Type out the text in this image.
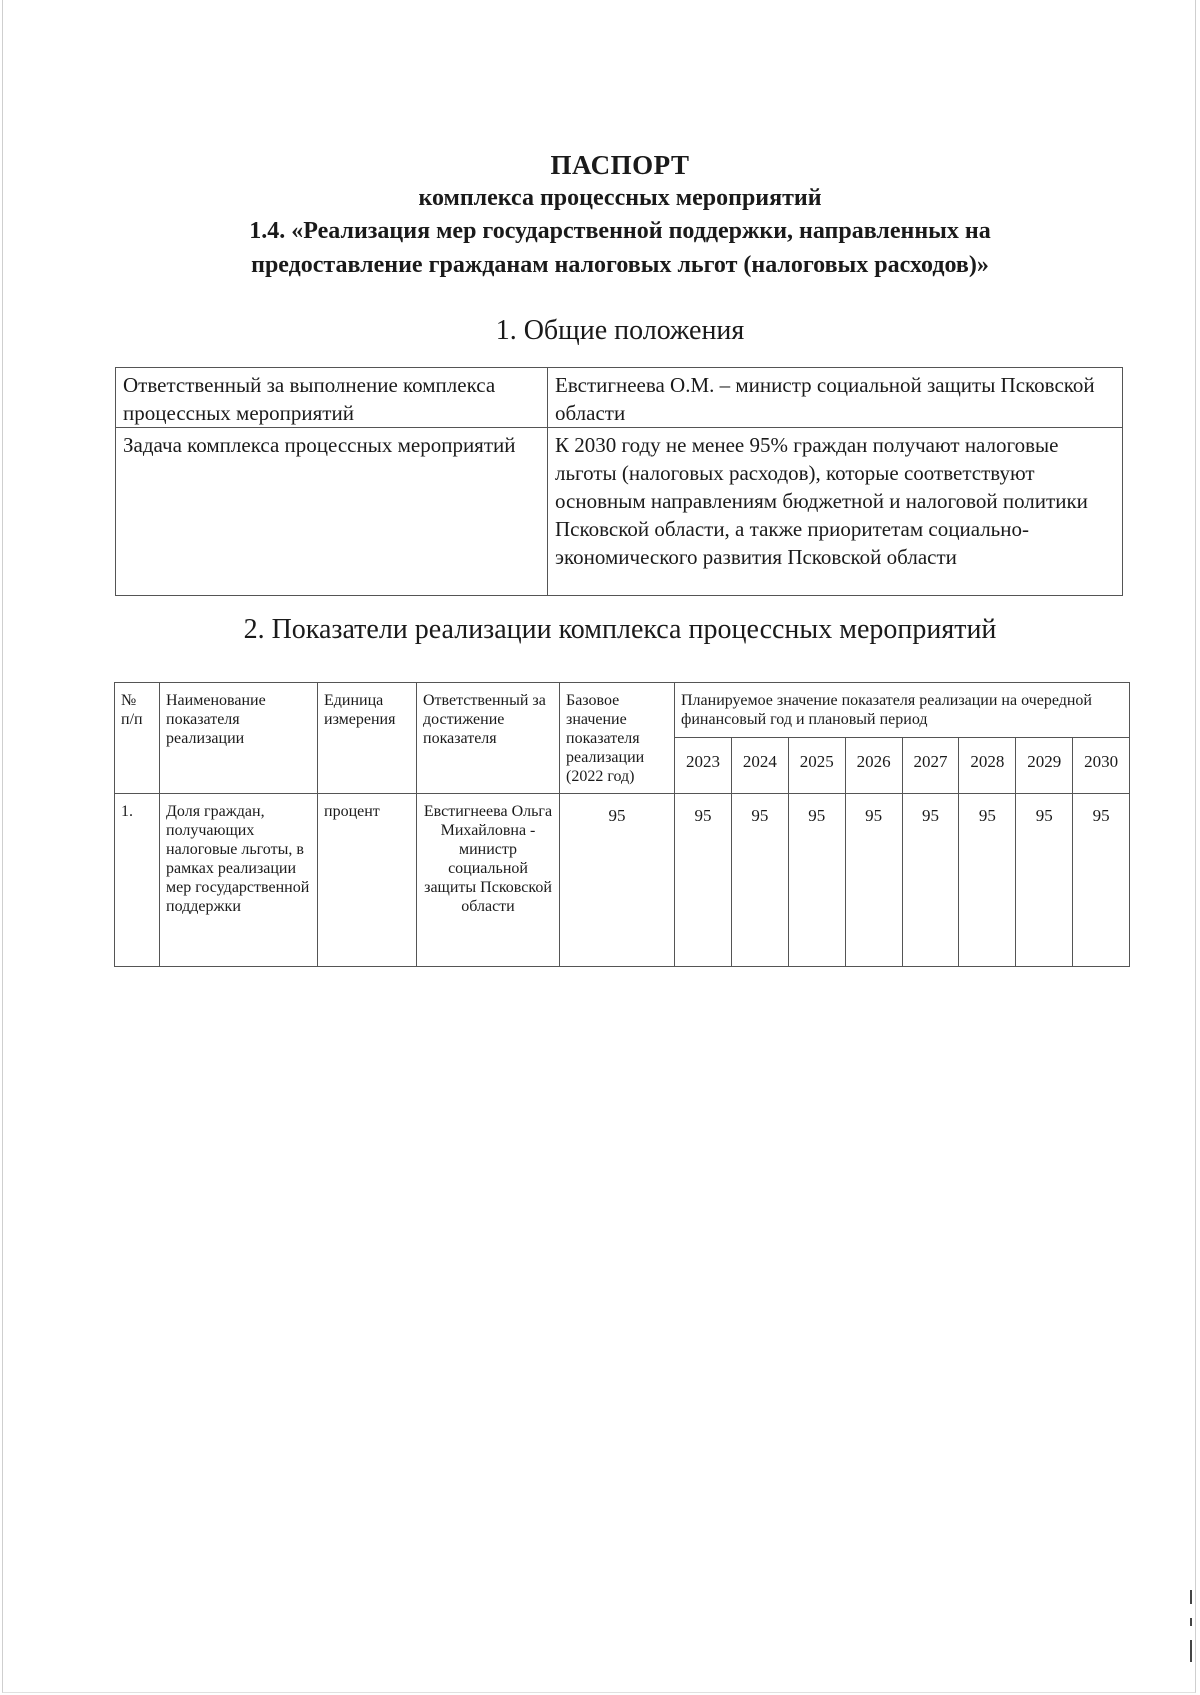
ПАСПОРТ
комплекса процессных мероприятий
1.4. «Реализация мер государственной поддержки, направленных на
предоставление гражданам налоговых льгот (налоговых расходов)»
1. Общие положения
Ответственный за выполнение комплекса процессных мероприятий	Евстигнеева О.М. – министр социальной защиты Псковской области
Задача комплекса процессных мероприятий	К 2030 году не менее 95% граждан получают налоговые льготы (налоговых расходов), которые соответствуют основным направлениям бюджетной и налоговой политики Псковской области, а также приоритетам социально-экономического развития Псковской области
2. Показатели реализации комплекса процессных мероприятий
№ п/п	Наименование показателя реализации	Единица измерения	Ответственный за достижение показателя	Базовое значение показателя реализации (2022 год)	Планируемое значение показателя реализации на очередной финансовый год и плановый период							
					2023	2024	2025	2026	2027	2028	2029	2030
1.	Доля граждан, получающих налоговые льготы, в рамках реализации мер государственной поддержки	процент	Евстигнеева Ольга Михайловна - министр социальной защиты Псковской области	95	95	95	95	95	95	95	95	95
